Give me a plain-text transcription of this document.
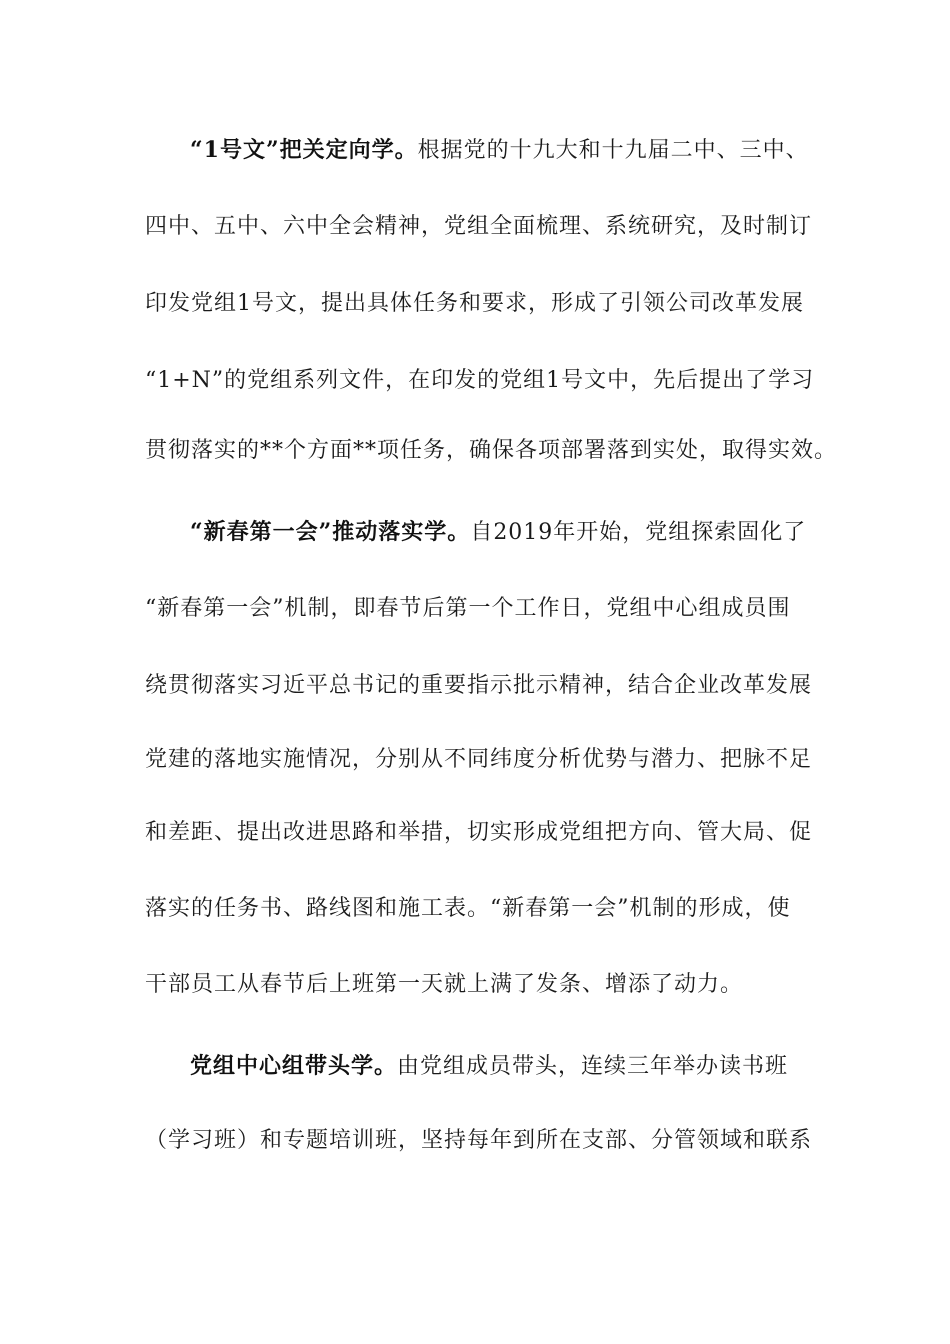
“1号文”把关定向学。根据党的十九大和十九届二中、三中、
四中、五中、六中全会精神，党组全面梳理、系统研究，及时制订
印发党组1号文，提出具体任务和要求，形成了引领公司改革发展
“1+N”的党组系列文件，在印发的党组1号文中，先后提出了学习
贯彻落实的**个方面**项任务，确保各项部署落到实处，取得实效。
“新春第一会”推动落实学。自2019年开始，党组探索固化了
“新春第一会”机制，即春节后第一个工作日，党组中心组成员围
绕贯彻落实习近平总书记的重要指示批示精神，结合企业改革发展
党建的落地实施情况，分别从不同纬度分析优势与潜力、把脉不足
和差距、提出改进思路和举措，切实形成党组把方向、管大局、促
落实的任务书、路线图和施工表。“新春第一会”机制的形成，使
干部员工从春节后上班第一天就上满了发条、增添了动力。
党组中心组带头学。由党组成员带头，连续三年举办读书班
（学习班）和专题培训班，坚持每年到所在支部、分管领域和联系
